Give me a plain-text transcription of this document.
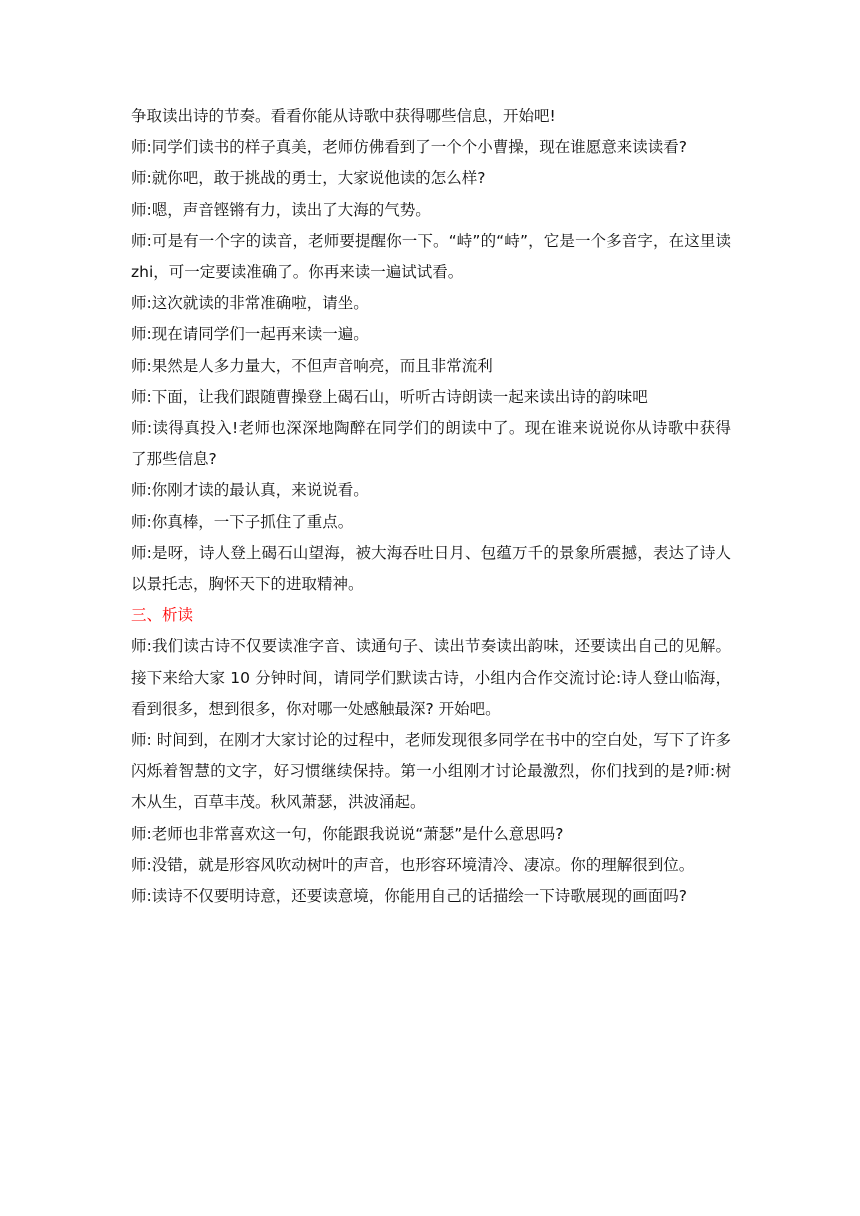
争取读出诗的节奏。看看你能从诗歌中获得哪些信息，开始吧!

师:同学们读书的样子真美，老师仿佛看到了一个个小曹操，现在谁愿意来读读看?

师:就你吧，敢于挑战的勇士，大家说他读的怎么样?

师:嗯，声音铿锵有力，读出了大海的气势。

师:可是有一个字的读音，老师要提醒你一下。“峙”的“峙”，它是一个多音字，在这里读 zhi，可一定要读准确了。你再来读一遍试试看。

师:这次就读的非常准确啦，请坐。

师:现在请同学们一起再来读一遍。

师:果然是人多力量大，不但声音响亮，而且非常流利

师:下面，让我们跟随曹操登上碣石山，听听古诗朗读一起来读出诗的韵味吧

师:读得真投入!老师也深深地陶醉在同学们的朗读中了。现在谁来说说你从诗歌中获得了那些信息?

师:你刚才读的最认真，来说说看。

师:你真棒，一下子抓住了重点。

师:是呀，诗人登上碣石山望海，被大海吞吐日月、包蕴万千的景象所震撼，表达了诗人以景托志，胸怀天下的进取精神。

三、析读

师:我们读古诗不仅要读准字音、读通句子、读出节奏读出韵味，还要读出自己的见解。接下来给大家 10 分钟时间，请同学们默读古诗，小组内合作交流讨论:诗人登山临海，看到很多，想到很多，你对哪一处感触最深? 开始吧。

师: 时间到，在刚才大家讨论的过程中，老师发现很多同学在书中的空白处，写下了许多闪烁着智慧的文字，好习惯继续保持。第一小组刚才讨论最激烈，你们找到的是?师:树木从生，百草丰茂。秋风萧瑟，洪波涌起。

师:老师也非常喜欢这一句，你能跟我说说“萧瑟”是什么意思吗?

师:没错，就是形容风吹动树叶的声音，也形容环境清冷、凄凉。你的理解很到位。

师:读诗不仅要明诗意，还要读意境，你能用自己的话描绘一下诗歌展现的画面吗?
